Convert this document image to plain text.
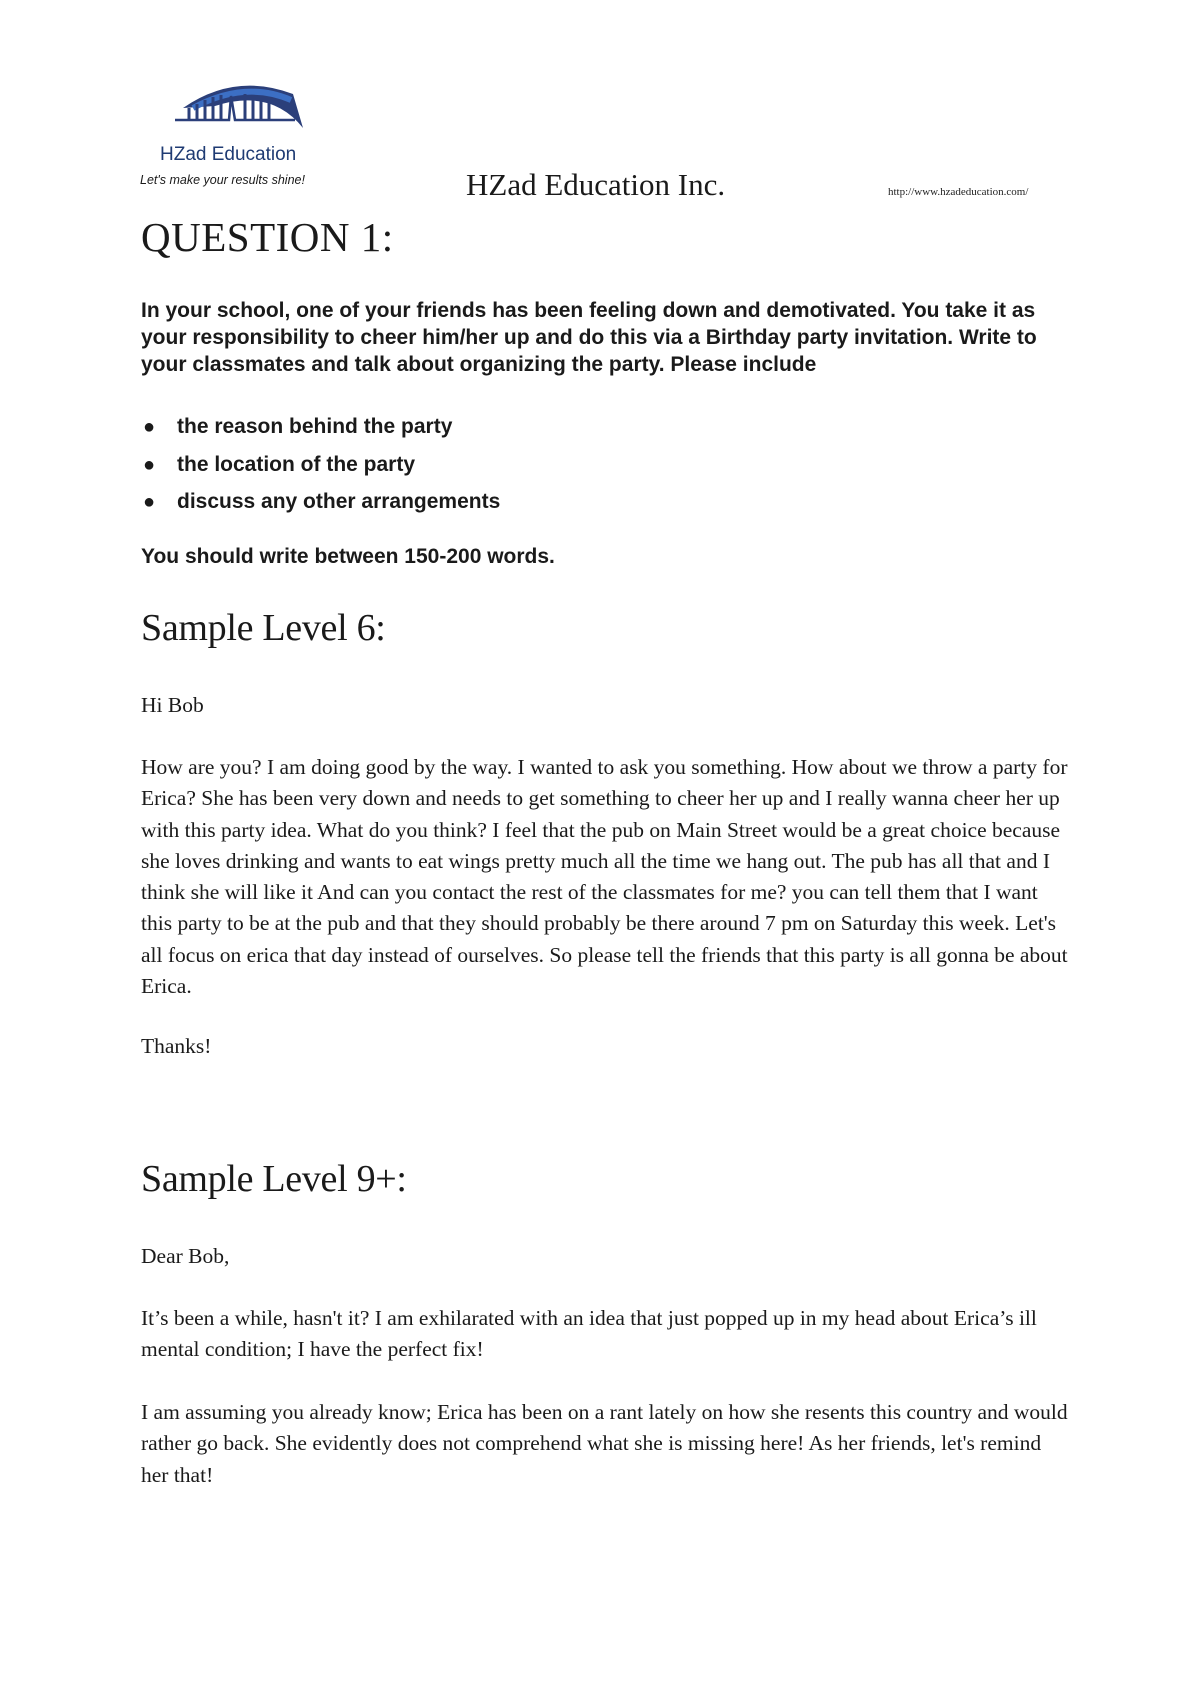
HZad Education
Let's make your results shine!	HZad Education Inc.	http://www.hzadeducation.com/
QUESTION 1:

In your school, one of your friends has been feeling down and demotivated. You take it as your responsibility to cheer him/her up and do this via a Birthday party invitation. Write to your classmates and talk about organizing the party. Please include

● the reason behind the party
● the location of the party
● discuss any other arrangements

You should write between 150-200 words.

Sample Level 6:

Hi Bob

How are you? I am doing good by the way. I wanted to ask you something. How about we throw a party for Erica? She has been very down and needs to get something to cheer her up and I really wanna cheer her up with this party idea. What do you think? I feel that the pub on Main Street would be a great choice because she loves drinking and wants to eat wings pretty much all the time we hang out. The pub has all that and I think she will like it And can you contact the rest of the classmates for me? you can tell them that I want this party to be at the pub and that they should probably be there around 7 pm on Saturday this week. Let's all focus on erica that day instead of ourselves. So please tell the friends that this party is all gonna be about Erica.

Thanks!

Sample Level 9+:

Dear Bob,

It’s been a while, hasn't it? I am exhilarated with an idea that just popped up in my head about Erica’s ill mental condition; I have the perfect fix!

I am assuming you already know; Erica has been on a rant lately on how she resents this country and would rather go back. She evidently does not comprehend what she is missing here! As her friends, let's remind her that!
